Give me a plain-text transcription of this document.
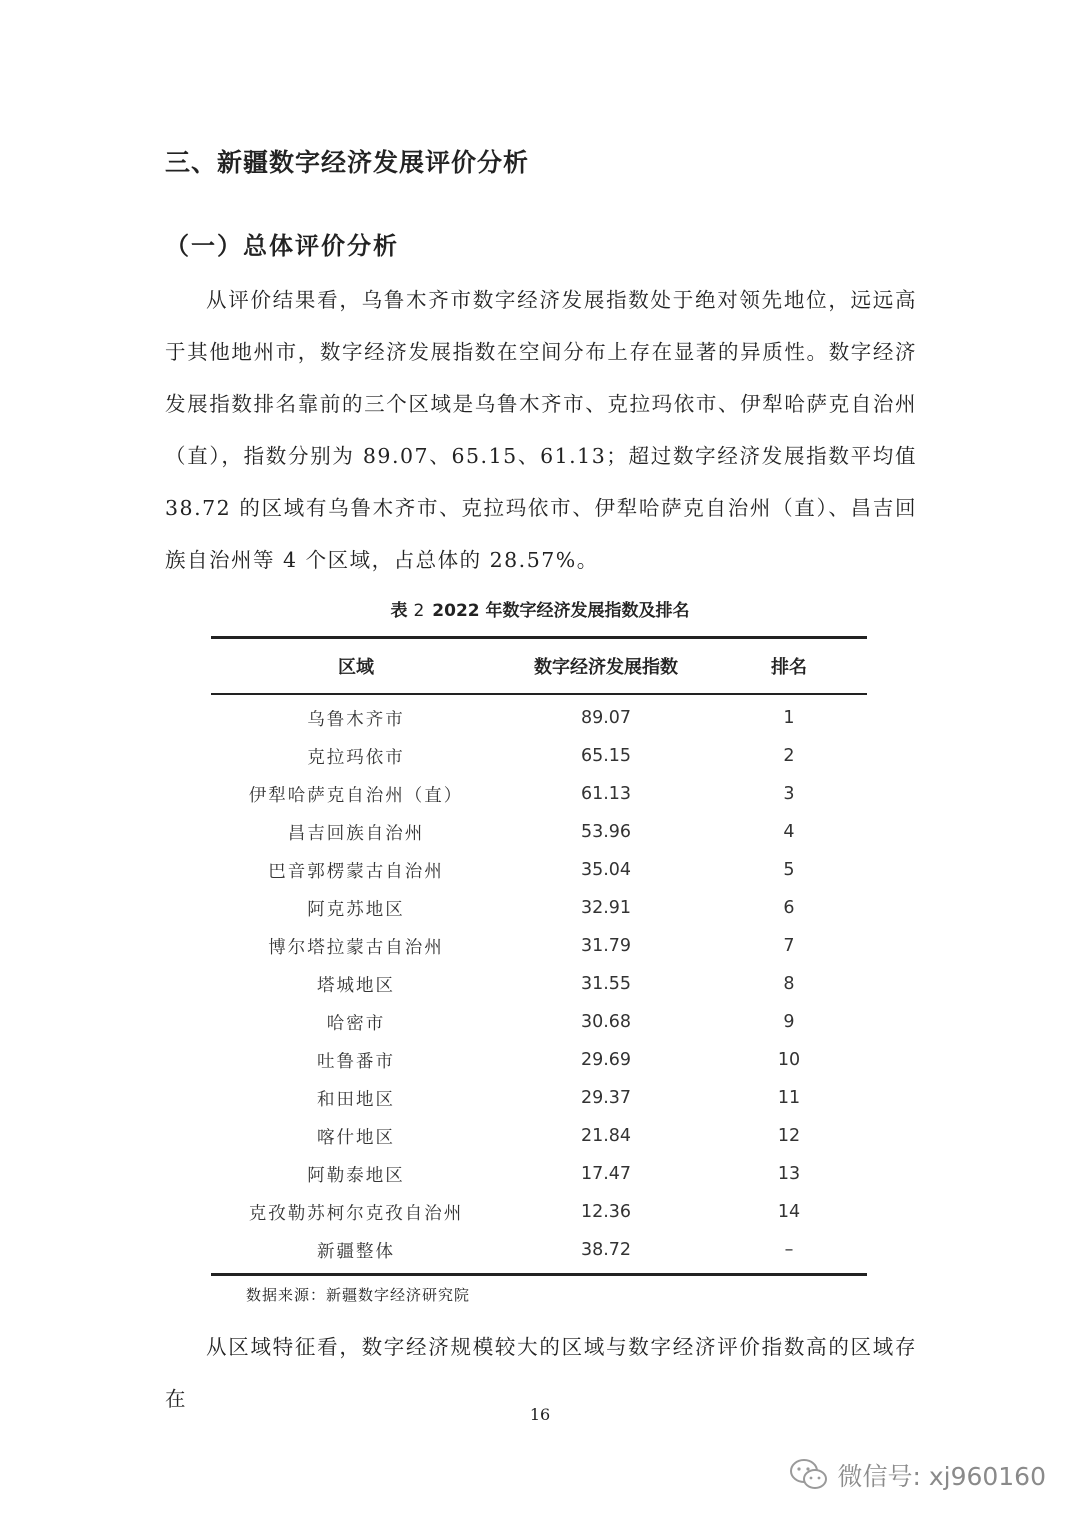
三、新疆数字经济发展评价分析
（一）总体评价分析

从评价结果看，乌鲁木齐市数字经济发展指数处于绝对领先地位，远远高于其他地州市，数字经济发展指数在空间分布上存在显著的异质性。数字经济发展指数排名靠前的三个区域是乌鲁木齐市、克拉玛依市、伊犁哈萨克自治州（直），指数分别为 89.07、65.15、61.13；超过数字经济发展指数平均值 38.72 的区域有乌鲁木齐市、克拉玛依市、伊犁哈萨克自治州（直）、昌吉回族自治州等 4 个区域，占总体的 28.57%。

表 2 2022 年数字经济发展指数及排名

区域	数字经济发展指数	排名
乌鲁木齐市	89.07	1
克拉玛依市	65.15	2
伊犁哈萨克自治州（直）	61.13	3
昌吉回族自治州	53.96	4
巴音郭楞蒙古自治州	35.04	5
阿克苏地区	32.91	6
博尔塔拉蒙古自治州	31.79	7
塔城地区	31.55	8
哈密市	30.68	9
吐鲁番市	29.69	10
和田地区	29.37	11
喀什地区	21.84	12
阿勒泰地区	17.47	13
克孜勒苏柯尔克孜自治州	12.36	14
新疆整体	38.72	–

数据来源：新疆数字经济研究院

从区域特征看，数字经济规模较大的区域与数字经济评价指数高的区域存在

16

微信号: xj960160
